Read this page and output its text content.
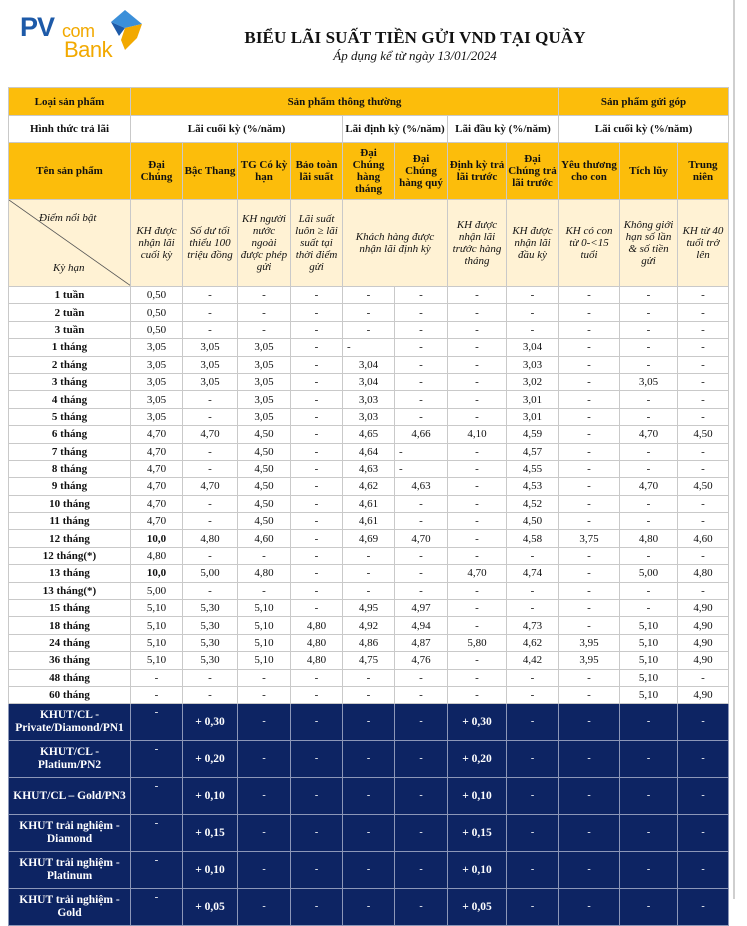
PV com
Bank	BIỂU LÃI SUẤT TIỀN GỬI VND TẠI QUẦY
Áp dụng kể từ ngày 13/01/2024
Loại sản phẩm	Sản phẩm thông thường								Sản phẩm gửi góp		
Hình thức trả lãi	Lãi cuối kỳ (%/năm)				Lãi định kỳ (%/năm)		Lãi đầu kỳ (%/năm)		Lãi cuối kỳ (%/năm)		
Tên sản phẩm	Đại Chúng	Bậc Thang	TG Có kỳ hạn	Bảo toàn lãi suất	Đại Chúng hàng tháng	Đại Chúng hàng quý	Định kỳ trả lãi trước	Đại Chúng trả lãi trước	Yêu thương cho con	Tích lũy	Trung niên

Điểm nổi bật
Kỳ hạn	KH được nhận lãi cuối kỳ	Số dư tối thiểu 100 triệu đồng	KH người nước ngoài được phép gửi	Lãi suất luôn ≥ lãi suất tại thời điểm gửi	Khách hàng được nhận lãi định kỳ		KH được nhận lãi trước hàng tháng	KH được nhận lãi đầu kỳ	KH có con từ 0-<15 tuổi	Không giới hạn số lần & số tiền gửi	KH từ 40 tuổi trở lên
1 tuần	0,50	-	-	-	-	-	-	-	-	-	-
2 tuần	0,50	-	-	-	-	-	-	-	-	-	-
3 tuần	0,50	-	-	-	-	-	-	-	-	-	-
1 tháng	3,05	3,05	3,05	-	-	-	-	3,04	-	-	-
2 tháng	3,05	3,05	3,05	-	3,04	-	-	3,03	-	-	-
3 tháng	3,05	3,05	3,05	-	3,04	-	-	3,02	-	3,05	-
4 tháng	3,05	-	3,05	-	3,03	-	-	3,01	-	-	-
5 tháng	3,05	-	3,05	-	3,03	-	-	3,01	-	-	-
6 tháng	4,70	4,70	4,50	-	4,65	4,66	4,10	4,59	-	4,70	4,50
7 tháng	4,70	-	4,50	-	4,64	-	-	4,57	-	-	-
8 tháng	4,70	-	4,50	-	4,63	-	-	4,55	-	-	-
9 tháng	4,70	4,70	4,50	-	4,62	4,63	-	4,53	-	4,70	4,50
10 tháng	4,70	-	4,50	-	4,61	-	-	4,52	-	-	-
11 tháng	4,70	-	4,50	-	4,61	-	-	4,50	-	-	-
12 tháng	10,0	4,80	4,60	-	4,69	4,70	-	4,58	3,75	4,80	4,60
12 tháng(*)	4,80	-	-	-	-	-	-	-	-	-	-
13 tháng	10,0	5,00	4,80	-	-	-	4,70	4,74	-	5,00	4,80
13 tháng(*)	5,00	-	-	-	-	-	-	-	-	-	-
15 tháng	5,10	5,30	5,10	-	4,95	4,97	-	-	-	-	4,90
18 tháng	5,10	5,30	5,10	4,80	4,92	4,94	-	4,73	-	5,10	4,90
24 tháng	5,10	5,30	5,10	4,80	4,86	4,87	5,80	4,62	3,95	5,10	4,90
36 tháng	5,10	5,30	5,10	4,80	4,75	4,76	-	4,42	3,95	5,10	4,90
48 tháng	-	-	-	-	-	-	-	-	-	5,10	-
60 tháng	-	-	-	-	-	-	-	-	-	5,10	4,90
KHUT/CL - Private/Diamond/PN1	-	+ 0,30	-	-	-	-	+ 0,30	-	-	-	-
KHUT/CL - Platium/PN2	-	+ 0,20	-	-	-	-	+ 0,20	-	-	-	-
KHUT/CL – Gold/PN3	-	+ 0,10	-	-	-	-	+ 0,10	-	-	-	-
KHUT trải nghiệm - Diamond	-	+ 0,15	-	-	-	-	+ 0,15	-	-	-	-
KHUT trải nghiệm - Platinum	-	+ 0,10	-	-	-	-	+ 0,10	-	-	-	-
KHUT trải nghiệm - Gold	-	+ 0,05	-	-	-	-	+ 0,05	-	-	-	-
